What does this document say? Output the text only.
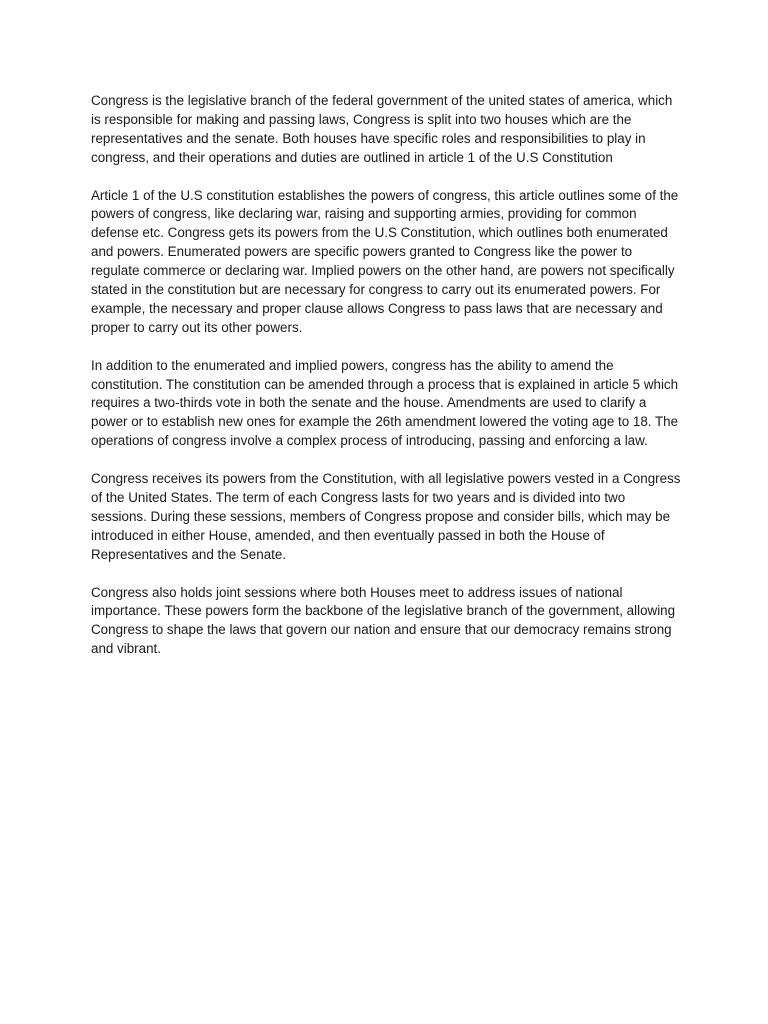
Congress is the legislative branch of the federal government of the united states of america, which is responsible for making and passing laws, Congress is split into two houses which are the representatives and the senate. Both houses have specific roles and responsibilities to play in congress, and their operations and duties are outlined in article 1 of the U.S Constitution

Article 1 of the U.S constitution establishes the powers of congress, this article outlines some of the powers of congress, like declaring war, raising and supporting armies, providing for common defense etc. Congress gets its powers from the U.S Constitution, which outlines both enumerated and powers. Enumerated powers are specific powers granted to Congress like the power to regulate commerce or declaring war. Implied powers on the other hand, are powers not specifically stated in the constitution but are necessary for congress to carry out its enumerated powers. For example, the necessary and proper clause allows Congress to pass laws that are necessary and proper to carry out its other powers.

In addition to the enumerated and implied powers, congress has the ability to amend the constitution. The constitution can be amended through a process that is explained in article 5 which requires a two-thirds vote in both the senate and the house. Amendments are used to clarify a power or to establish new ones for example the 26th amendment lowered the voting age to 18. The operations of congress involve a complex process of introducing, passing and enforcing a law.

Congress receives its powers from the Constitution, with all legislative powers vested in a Congress of the United States. The term of each Congress lasts for two years and is divided into two sessions. During these sessions, members of Congress propose and consider bills, which may be introduced in either House, amended, and then eventually passed in both the House of Representatives and the Senate.

Congress also holds joint sessions where both Houses meet to address issues of national importance. These powers form the backbone of the legislative branch of the government, allowing Congress to shape the laws that govern our nation and ensure that our democracy remains strong and vibrant.
